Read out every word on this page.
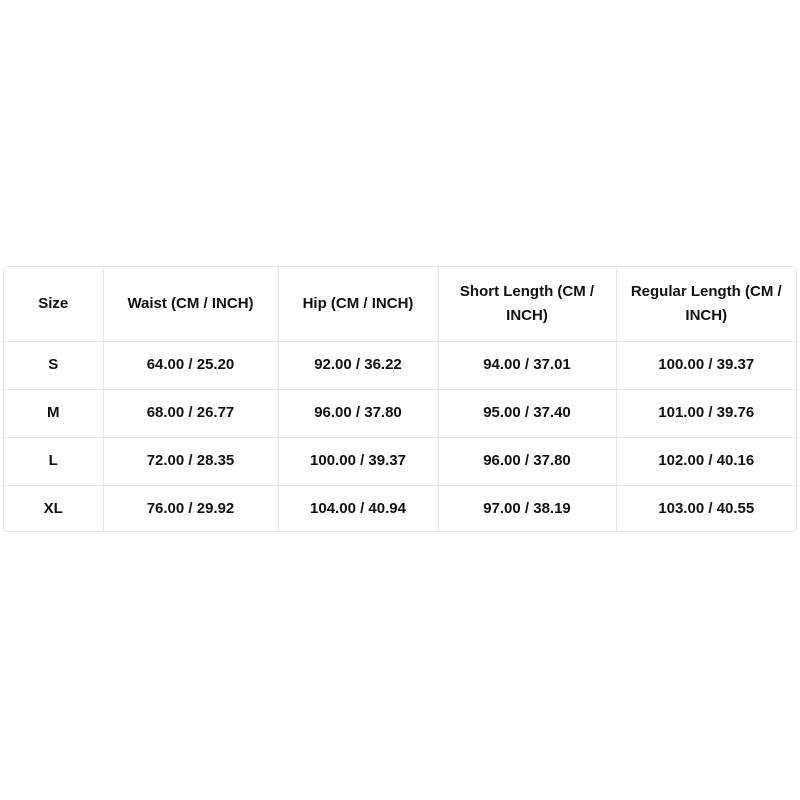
Size	Waist (CM / INCH)	Hip (CM / INCH)	Short Length (CM / INCH)	Regular Length (CM / INCH)
S	64.00 / 25.20	92.00 / 36.22	94.00 / 37.01	100.00 / 39.37
M	68.00 / 26.77	96.00 / 37.80	95.00 / 37.40	101.00 / 39.76
L	72.00 / 28.35	100.00 / 39.37	96.00 / 37.80	102.00 / 40.16
XL	76.00 / 29.92	104.00 / 40.94	97.00 / 38.19	103.00 / 40.55
